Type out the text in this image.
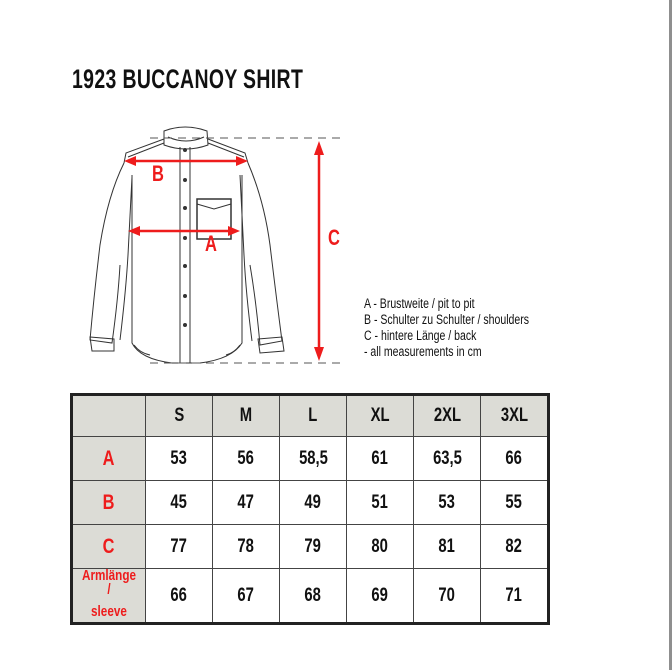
1923 BUCCANOY SHIRT
B
A	C
A - Brustweite / pit to pit
B - Schulter zu Schulter / shoulders
C - hintere Länge / back
- all measurements in cm
	S	M	L	XL	2XL	3XL
A	53	56	58,5	61	63,5	66
B	45	47	49	51	53	55
C	77	78	79	80	81	82
Armlänge /
sleeve	66	67	68	69	70	71
